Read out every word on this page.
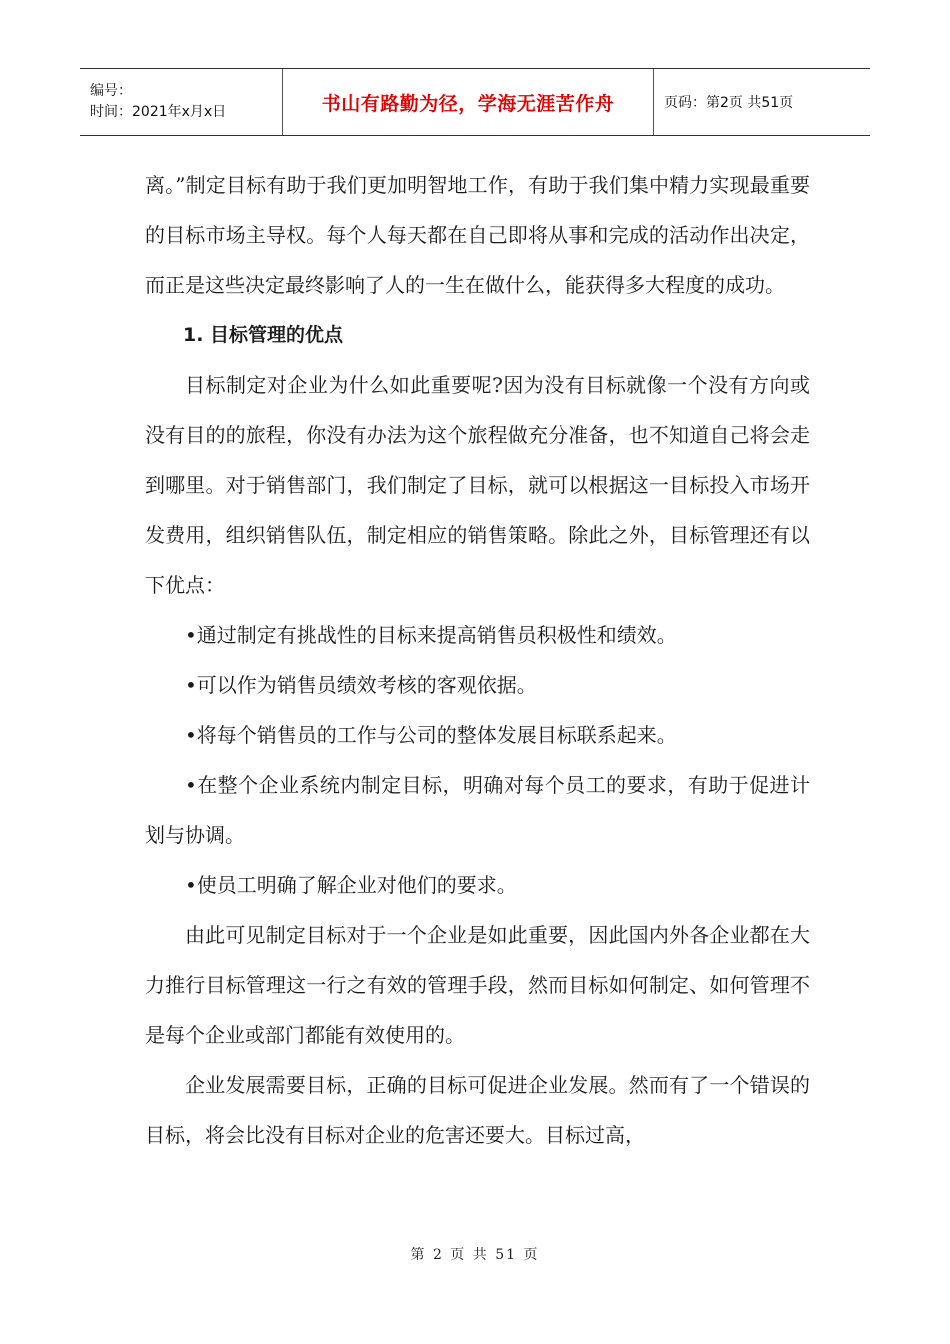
编号：
时间：2021年x月x日	书山有路勤为径，学海无涯苦作舟	页码：第2页 共51页

离。”制定目标有助于我们更加明智地工作，有助于我们集中精力实现最重要的目标市场主导权。每个人每天都在自己即将从事和完成的活动作出决定，而正是这些决定最终影响了人的一生在做什么，能获得多大程度的成功。

1. 目标管理的优点

目标制定对企业为什么如此重要呢?因为没有目标就像一个没有方向或没有目的的旅程，你没有办法为这个旅程做充分准备，也不知道自己将会走到哪里。对于销售部门，我们制定了目标，就可以根据这一目标投入市场开发费用，组织销售队伍，制定相应的销售策略。除此之外，目标管理还有以下优点：

•通过制定有挑战性的目标来提高销售员积极性和绩效。

•可以作为销售员绩效考核的客观依据。

•将每个销售员的工作与公司的整体发展目标联系起来。

•在整个企业系统内制定目标，明确对每个员工的要求，有助于促进计划与协调。

•使员工明确了解企业对他们的要求。

由此可见制定目标对于一个企业是如此重要，因此国内外各企业都在大力推行目标管理这一行之有效的管理手段，然而目标如何制定、如何管理不是每个企业或部门都能有效使用的。

企业发展需要目标，正确的目标可促进企业发展。然而有了一个错误的目标，将会比没有目标对企业的危害还要大。目标过高，

第 2 页 共 51 页
